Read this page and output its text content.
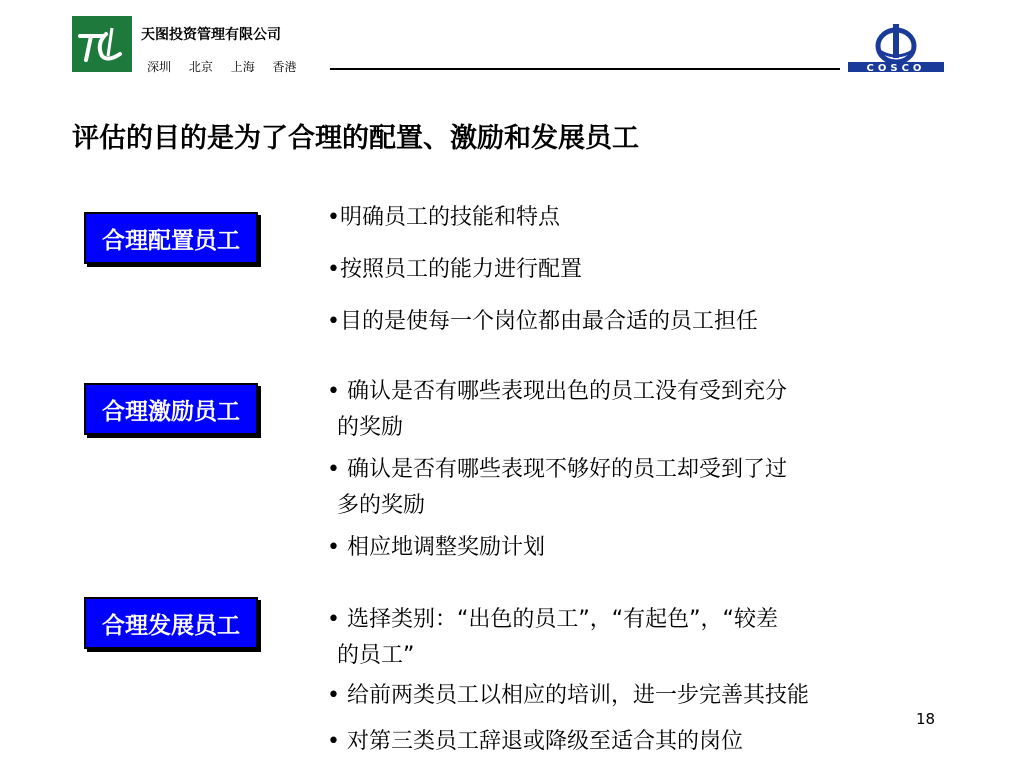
天图投资管理有限公司
深圳 北京 上海 香港	COSCO
评估的目的是为了合理的配置、激励和发展员工
合理配置员工
•明确员工的技能和特点
•按照员工的能力进行配置
•目的是使每一个岗位都由最合适的员工担任
合理激励员工
• 确认是否有哪些表现出色的员工没有受到充分
的奖励
• 确认是否有哪些表现不够好的员工却受到了过
多的奖励
• 相应地调整奖励计划
合理发展员工	• 选择类别：“出色的员工”，“有起色”，“较差
的员工”
• 给前两类员工以相应的培训，进一步完善其技能
• 对第三类员工辞退或降级至适合其的岗位
18
